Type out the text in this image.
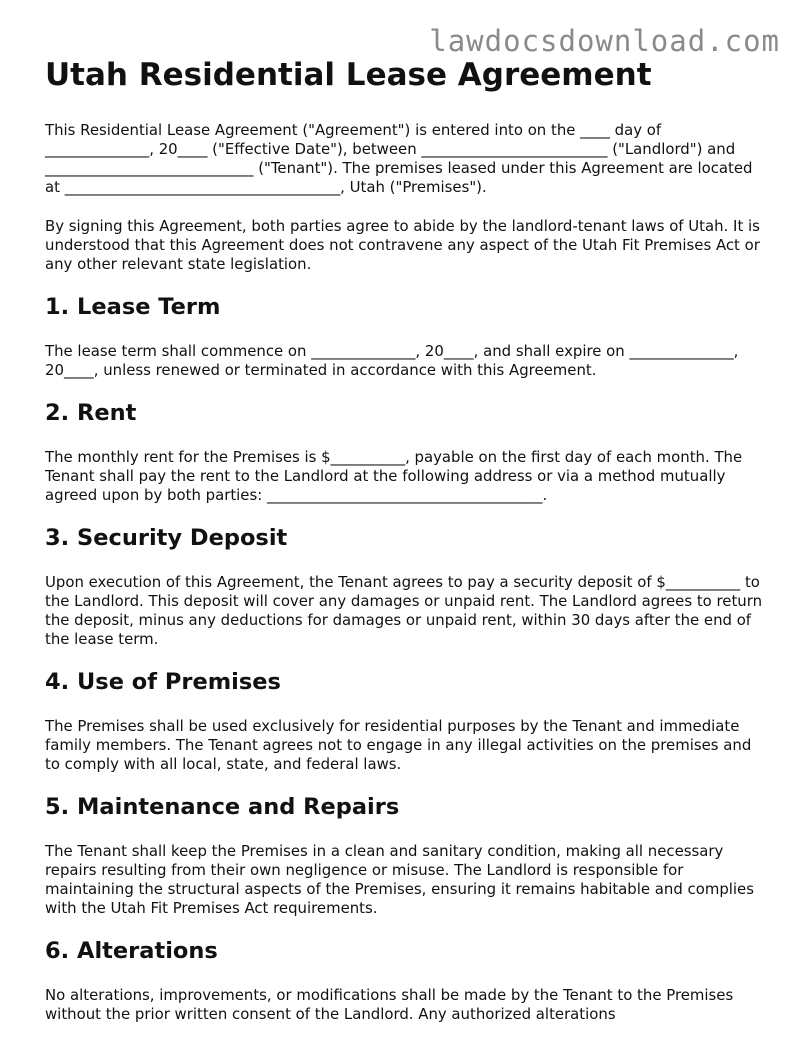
lawdocsdownload.com
Utah Residential Lease Agreement

This Residential Lease Agreement ("Agreement") is entered into on the ____ day of ______________, 20____ ("Effective Date"), between _________________________ ("Landlord") and ____________________________ ("Tenant"). The premises leased under this Agreement are located at _____________________________________, Utah ("Premises").

By signing this Agreement, both parties agree to abide by the landlord-tenant laws of Utah. It is understood that this Agreement does not contravene any aspect of the Utah Fit Premises Act or any other relevant state legislation.

1. Lease Term

The lease term shall commence on ______________, 20____, and shall expire on ______________, 20____, unless renewed or terminated in accordance with this Agreement.

2. Rent

The monthly rent for the Premises is $__________, payable on the first day of each month. The Tenant shall pay the rent to the Landlord at the following address or via a method mutually agreed upon by both parties: _____________________________________.

3. Security Deposit

Upon execution of this Agreement, the Tenant agrees to pay a security deposit of $__________ to the Landlord. This deposit will cover any damages or unpaid rent. The Landlord agrees to return the deposit, minus any deductions for damages or unpaid rent, within 30 days after the end of the lease term.

4. Use of Premises

The Premises shall be used exclusively for residential purposes by the Tenant and immediate family members. The Tenant agrees not to engage in any illegal activities on the premises and to comply with all local, state, and federal laws.

5. Maintenance and Repairs

The Tenant shall keep the Premises in a clean and sanitary condition, making all necessary repairs resulting from their own negligence or misuse. The Landlord is responsible for maintaining the structural aspects of the Premises, ensuring it remains habitable and complies with the Utah Fit Premises Act requirements.

6. Alterations

No alterations, improvements, or modifications shall be made by the Tenant to the Premises without the prior written consent of the Landlord. Any authorized alterations
